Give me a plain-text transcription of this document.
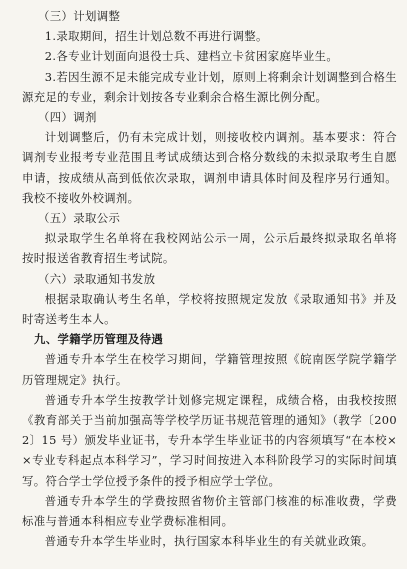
（三）计划调整

1.录取期间，招生计划总数不再进行调整。

2.各专业计划面向退役士兵、建档立卡贫困家庭毕业生。

3.若因生源不足未能完成专业计划，原则上将剩余计划调整到合格生源充足的专业，剩余计划按各专业剩余合格生源比例分配。

（四）调剂

计划调整后，仍有未完成计划，则接收校内调剂。基本要求：符合调剂专业报考专业范围且考试成绩达到合格分数线的未拟录取考生自愿申请，按成绩从高到低依次录取，调剂申请具体时间及程序另行通知。我校不接收外校调剂。

（五）录取公示

拟录取学生名单将在我校网站公示一周，公示后最终拟录取名单将按时报送省教育招生考试院。

（六）录取通知书发放

根据录取确认考生名单，学校将按照规定发放《录取通知书》并及时寄送考生本人。

九、学籍学历管理及待遇

普通专升本学生在校学习期间，学籍管理按照《皖南医学院学籍学历管理规定》执行。

普通专升本学生按教学计划修完规定课程，成绩合格，由我校按照《教育部关于当前加强高等学校学历证书规范管理的通知》（教学〔2002〕15 号）颁发毕业证书，专升本学生毕业证书的内容须填写“在本校××专业专科起点本科学习”，学习时间按进入本科阶段学习的实际时间填写。符合学士学位授予条件的授予相应学士学位。

普通专升本学生的学费按照省物价主管部门核准的标准收费，学费标准与普通本科相应专业学费标准相同。

普通专升本学生毕业时，执行国家本科毕业生的有关就业政策。
